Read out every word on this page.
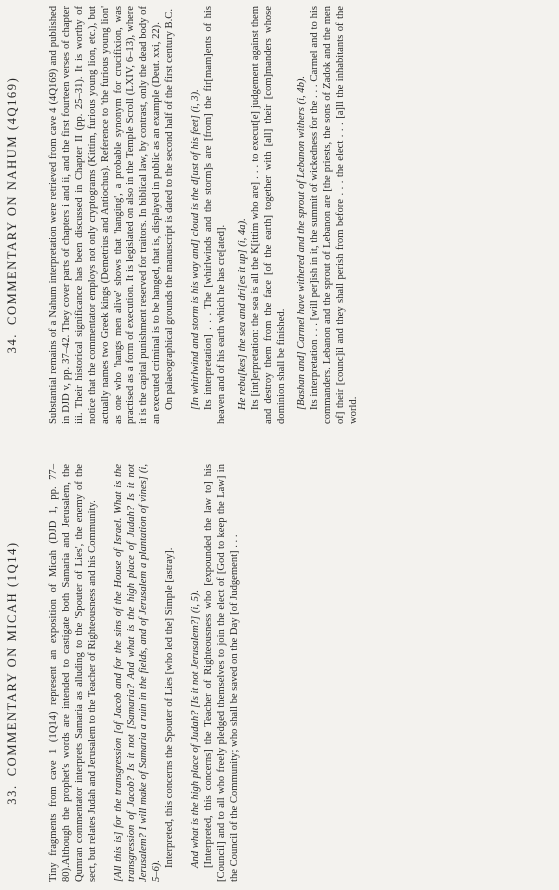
33.COMMENTARY ON MICAH (1Q14)	Tiny fragments from cave 1 (1Q14) represent an exposition of Micah (DJD 1, pp. 77–80).Although the prophet's words are intended to castigate both Samaria and Jerusalem, the Qumran commentator interprets Samaria as alluding to the 'Spouter of Lies', the enemy of the sect, but relates Judah and Jerusalem to the Teacher of Righteousness and his Community. [All this is] for the transgression [of Jacob and for the sins of the House of Israel. What is the transgression of Jacob? Is it not [Samaria? And what is the high place of Judah? Is it not Jerusalem? I will make of Samaria a ruin in the fields, and of Jerusalem a plantation of vines] (i, 5–6).

Interpreted, this concerns the Spouter of Lies [who led the] Simple [astray]. And what is the high place of Judah? [Is it not Jerusalem?] (i, 5). [Interpreted, this concerns] the Teacher of Righteousness who [expounded the law to] his [Council] and to all who freely pledged themselves to join the elect of [God to keep the Law] in the Council of the Community; who shall be saved on the Day [of Judgement] . . .

34.COMMENTARY ON NAHUM (4Q169)	Substantial remains of a Nahum interpretation were retrieved from cave 4 (4Q169) and published in DJD v, pp. 37–42. They cover parts of chapters i and ii, and the first fourteen verses of chapter iii. Their historical significance has been discussed in Chapter II (pp. 25–31). It is worthy of notice that the commentator employs not only cryptograms (Kittim, furious young lion, etc.), but actually names two Greek kings (Demetrius and Antiochus). Reference to 'the furious young lion' as one who 'hangs men alive' shows that 'hanging', a probable synonym for crucifixion, was practised as a form of execution. It is legislated on also in the Temple Scroll (LXIV, 6–13), where it is the capital punishment reserved for traitors. In biblical law, by contrast, only the dead body of an executed criminal is to be hanged, that is, displayed in public as an example (Deut. xxi, 22). On palaeographical grounds the manuscript is dated to the second half of the first century B.C. [In whirlwind and storm is his way and] cloud is the d[ust of his feet] (i, 3). Its interpretation] . . . The [whirlwinds and the storm]s are [from] the fir[mam]ents of his heaven and of his earth which he has cre[ated]. He rebu[kes] the sea and dri[es it up] (i, 4a). Its [int]erpretation: the sea is all the K[ittim who are] . . . to execut[e] judgement against them and destroy them from the face [of the earth] together with [all] their [com]manders whose dominion shall be finished. [Bashan and] Carmel have withered and the sprout of Lebanon withers (i, 4b). Its interpretation . . . [will per]ish in it, the summit of wickedness for the . . . Carmel and to his commanders. Lebanon and the sprout of Lebanon are [the priests, the sons of Zadok and the men of] their [counc]il and they shall perish from before . . . the elect . . . [a]ll the inhabitants of the world.
